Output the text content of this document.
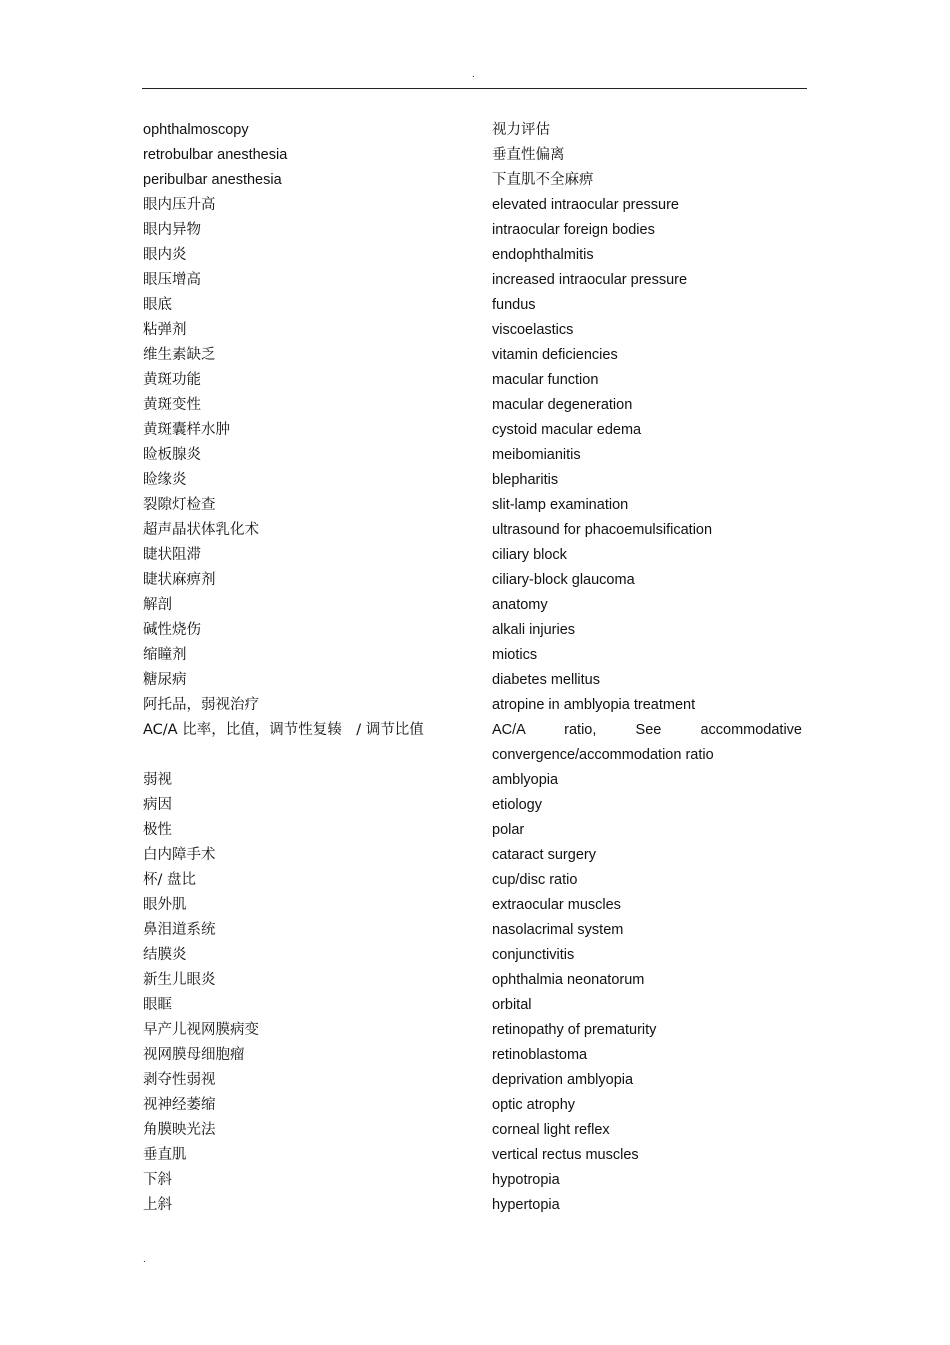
.
ophthalmoscopy	视力评估
retrobulbar anesthesia	垂直性偏离
peribulbar anesthesia	下直肌不全麻痹
眼内压升高	elevated intraocular pressure
眼内异物	intraocular foreign bodies
眼内炎	endophthalmitis
眼压增高	increased intraocular pressure
眼底	fundus
粘弹剂	viscoelastics
维生素缺乏	vitamin deficiencies
黄斑功能	macular function
黄斑变性	macular degeneration
黄斑囊样水肿	cystoid macular edema
睑板腺炎	meibomianitis
睑缘炎	blepharitis
裂隙灯检查	slit-lamp examination
超声晶状体乳化术	ultrasound for phacoemulsification
睫状阻滞	ciliary block
睫状麻痹剂	ciliary-block glaucoma
解剖	anatomy
碱性烧伤	alkali injuries
缩瞳剂	miotics
糖尿病	diabetes mellitus
阿托品，弱视治疗	atropine in amblyopia treatment
AC/A 比率，比值，调节性复辏　/ 调节比值	AC/A ratio, See accommodative convergence/accommodation ratio
弱视	amblyopia
病因	etiology
极性	polar
白内障手术	cataract surgery
杯/ 盘比	cup/disc ratio
眼外肌	extraocular muscles
鼻泪道系统	nasolacrimal system
结膜炎	conjunctivitis
新生儿眼炎	ophthalmia neonatorum
眼眶	orbital
早产儿视网膜病变	retinopathy of prematurity
视网膜母细胞瘤	retinoblastoma
剥夺性弱视	deprivation amblyopia
视神经萎缩	optic atrophy
角膜映光法	corneal light reflex
垂直肌	vertical rectus muscles
下斜	hypotropia
上斜	hypertopia
.
